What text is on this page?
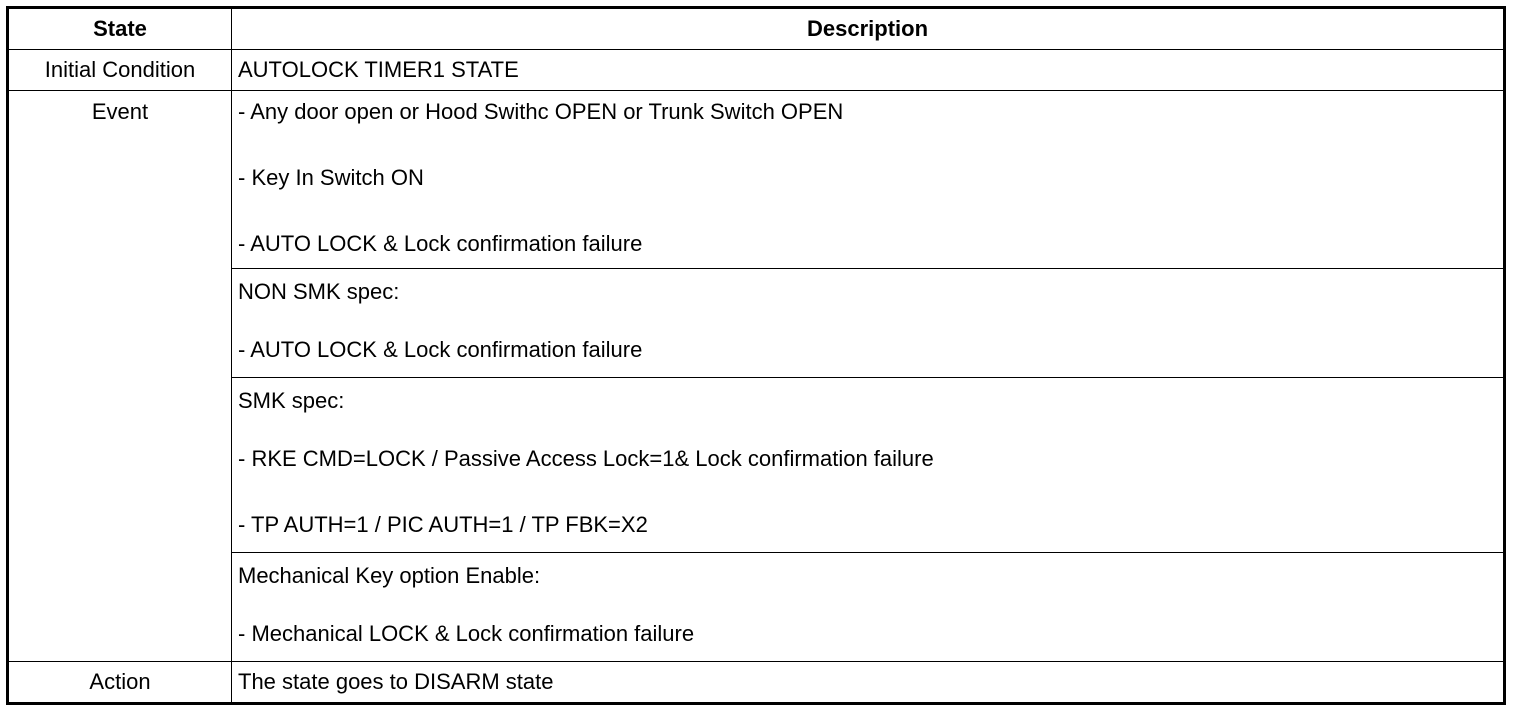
State	Description
Initial Condition	AUTOLOCK TIMER1 STATE
Event	- Any door open or Hood Swithc OPEN or Trunk Switch OPEN
- Key In Switch ON
- AUTO LOCK & Lock confirmation failure

	NON SMK spec:
- AUTO LOCK & Lock confirmation failure

	SMK spec:
- RKE CMD=LOCK / Passive Access Lock=1& Lock confirmation failure
- TP AUTH=1 / PIC AUTH=1 / TP FBK=X2

	Mechanical Key option Enable:
- Mechanical LOCK & Lock confirmation failure

Action	The state goes to DISARM state
